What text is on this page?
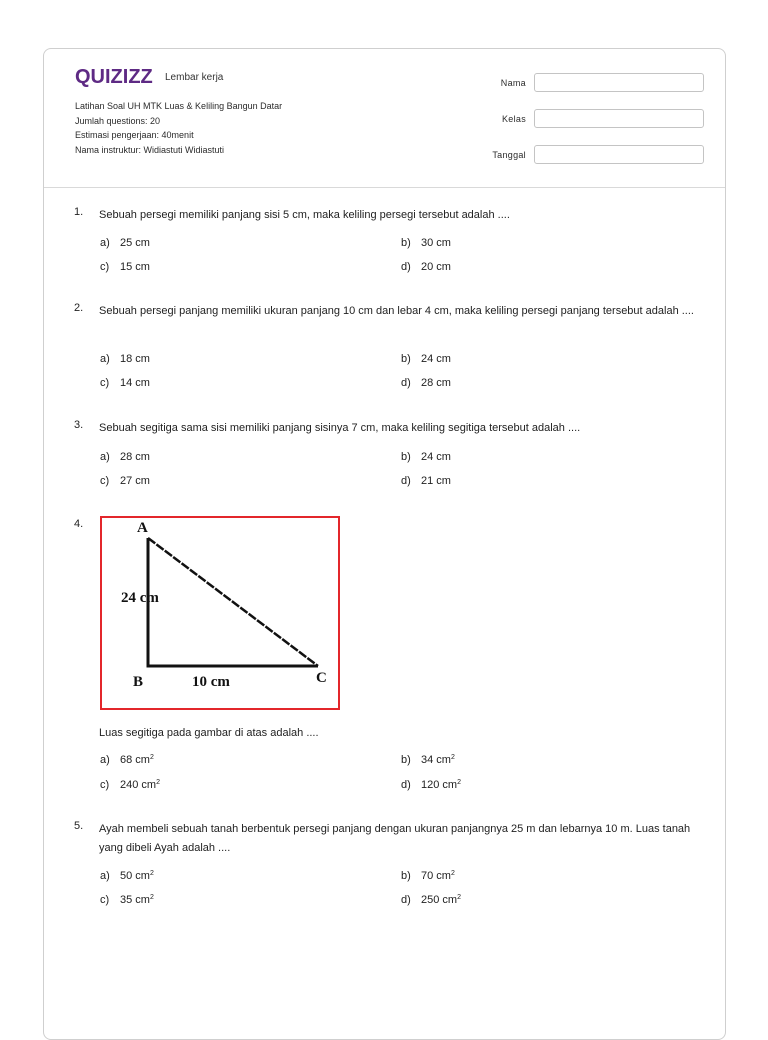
QUIZIZZ Lembar kerja
Latihan Soal UH MTK Luas & Keliling Bangun Datar
Jumlah questions: 20
Estimasi pengerjaan: 40menit
Nama instruktur: Widiastuti Widiastuti
Nama
Kelas
Tanggal
1.	Sebuah persegi memiliki panjang sisi 5 cm, maka keliling persegi tersebut adalah ....
a) 25 cm	b) 30 cm
c) 15 cm	d) 20 cm
2.	Sebuah persegi panjang memiliki ukuran panjang 10 cm dan lebar 4 cm, maka keliling persegi panjang tersebut adalah ....
a) 18 cm	b) 24 cm
c) 14 cm	d) 28 cm
3.	Sebuah segitiga sama sisi memiliki panjang sisinya 7 cm, maka keliling segitiga tersebut adalah ....
a) 28 cm	b) 24 cm
c) 27 cm	d) 21 cm
4.	A
B	C
24 cm
10 cm
Luas segitiga pada gambar di atas adalah ....
a) 68 cm 2	b) 34 cm 2
c) 240 cm 2	d) 120 cm 2
5.	Ayah membeli sebuah tanah berbentuk persegi panjang dengan ukuran panjangnya 25 m dan lebarnya 10 m. Luas tanah yang dibeli Ayah adalah ....
a) 50 cm 2	b) 70 cm 2
c) 35 cm 2	d) 250 cm 2
